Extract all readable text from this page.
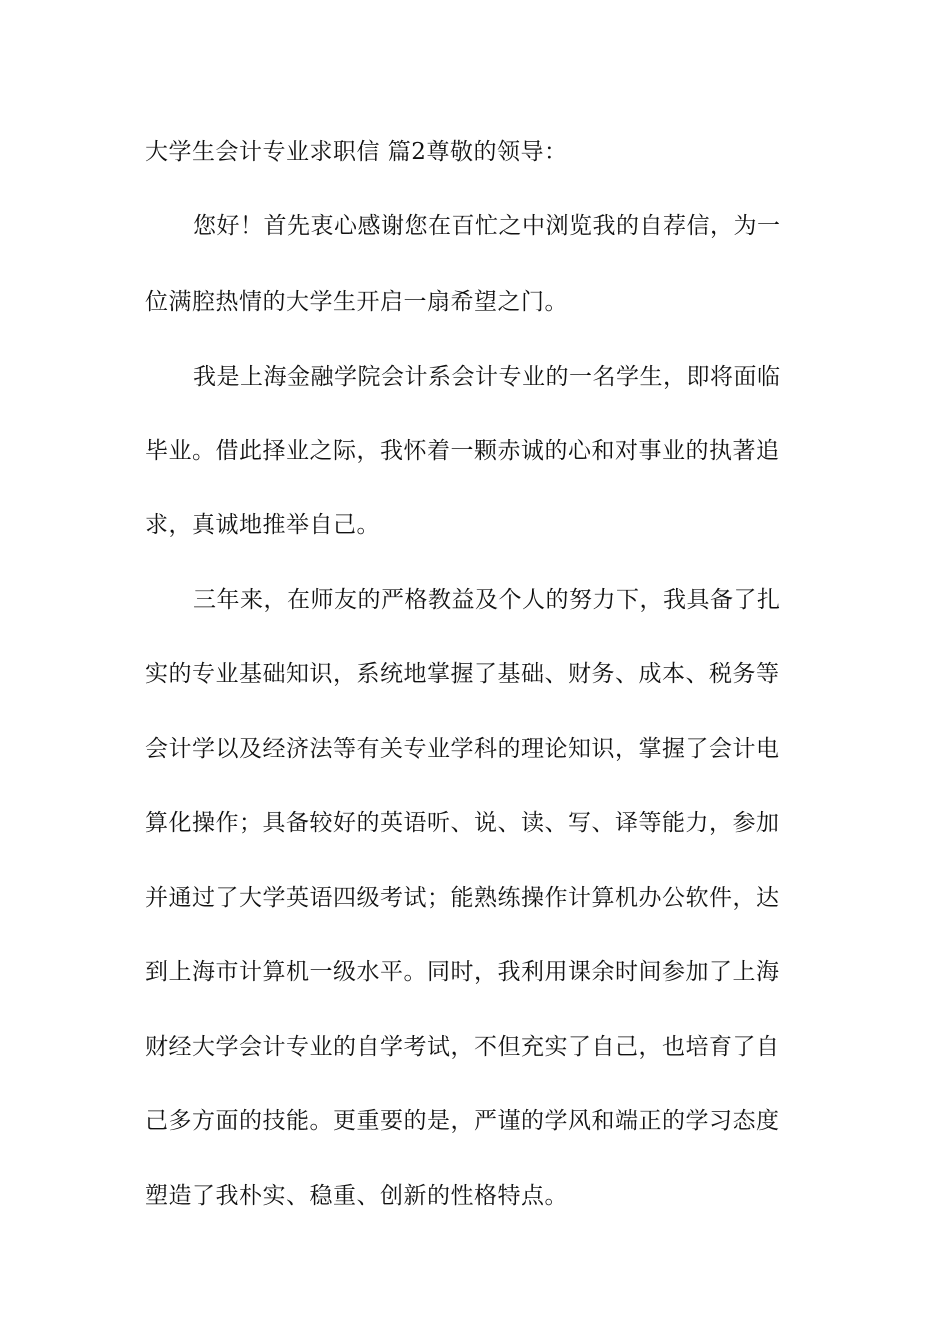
大学生会计专业求职信 篇2尊敬的领导：
您好！首先衷心感谢您在百忙之中浏览我的自荐信，为一
位满腔热情的大学生开启一扇希望之门。
我是上海金融学院会计系会计专业的一名学生，即将面临
毕业。借此择业之际，我怀着一颗赤诚的心和对事业的执著追
求，真诚地推举自己。
三年来，在师友的严格教益及个人的努力下，我具备了扎
实的专业基础知识，系统地掌握了基础、财务、成本、税务等
会计学以及经济法等有关专业学科的理论知识，掌握了会计电
算化操作；具备较好的英语听、说、读、写、译等能力，参加
并通过了大学英语四级考试；能熟练操作计算机办公软件，达
到上海市计算机一级水平。同时，我利用课余时间参加了上海
财经大学会计专业的自学考试，不但充实了自己，也培育了自
己多方面的技能。更重要的是，严谨的学风和端正的学习态度
塑造了我朴实、稳重、创新的性格特点。
